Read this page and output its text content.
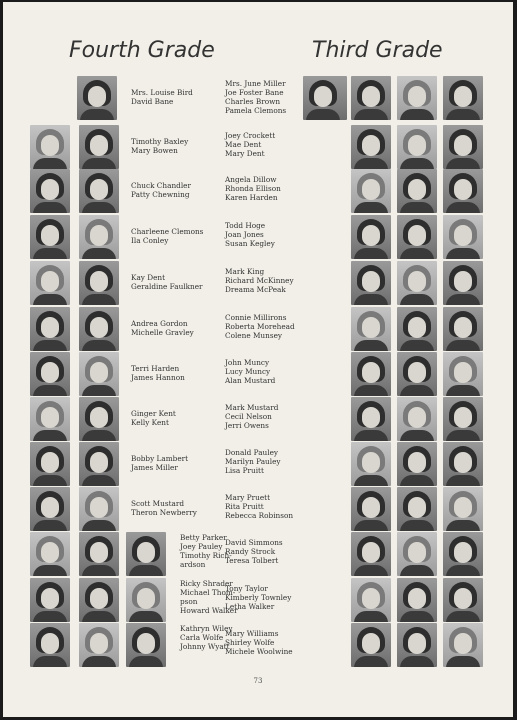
Fourth Grade	Third Grade
Mrs. Louise Bird
David Bane
Timothy Baxley
Mary Bowen
Chuck Chandler
Patty Chewning
Charleene Clemons
Ila Conley
Kay Dent
Geraldine Faulkner
Andrea Gordon
Michelle Gravley
Terri Harden
James Hannon
Ginger Kent
Kelly Kent
Bobby Lambert
James Miller
Scott Mustard
Theron Newberry
Betty Parker
Joey Pauley
Timothy Rich-
ardson
Ricky Shrader
Michael Thom-
pson
Howard Walker
Kathryn Wiley
Carla Wolfe
Johnny Wyatt
Mrs. June Miller
Joe Foster Bane
Charles Brown
Pamela Clemons
Joey Crockett
Mae Dent
Mary Dent
Angela Dillow
Rhonda Ellison
Karen Harden
Todd Hoge
Joan Jones
Susan Kegley
Mark King
Richard McKinney
Dreama McPeak
Connie Millirons
Roberta Morehead
Colene Munsey
John Muncy
Lucy Muncy
Alan Mustard
Mark Mustard
Cecil Nelson
Jerri Owens
Donald Pauley
Marilyn Pauley
Lisa Pruitt
Mary Pruett
Rita Pruitt
Rebecca Robinson
David Simmons
Randy Strock
Teresa Tolbert
Tony Taylor
Kimberly Townley
Letha Walker
Mary Williams
Shirley Wolfe
Michele Woolwine
73
